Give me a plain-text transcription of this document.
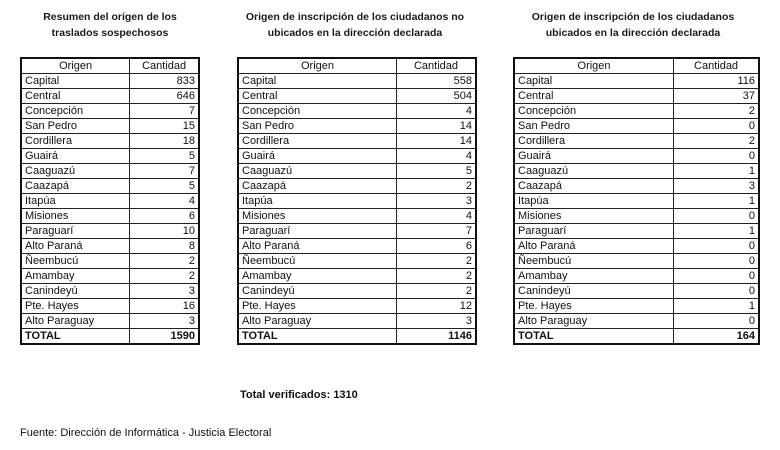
Resumen del orígen de los traslados sospechosos
Origen de inscripción de los ciudadanos no ubicados en la dirección declarada
Origen de inscripción de los ciudadanos ubicados en la dirección declarada
Origen	Cantidad
Capital	833
Central	646
Concepción	7
San Pedro	15
Cordillera	18
Guairá	5
Caaguazú	7
Caazapá	5
Itapúa	4
Misiones	6
Paraguarí	10
Alto Paraná	8
Ñeembucú	2
Amambay	2
Canindeyú	3
Pte. Hayes	16
Alto Paraguay	3
TOTAL	1590
Origen	Cantidad
Capital	558
Central	504
Concepción	4
San Pedro	14
Cordillera	14
Guairá	4
Caaguazú	5
Caazapá	2
Itapúa	3
Misiones	4
Paraguarí	7
Alto Paraná	6
Ñeembucú	2
Amambay	2
Canindeyú	2
Pte. Hayes	12
Alto Paraguay	3
TOTAL	1146
Origen	Cantidad
Capital	116
Central	37
Concepción	2
San Pedro	0
Cordillera	2
Guairá	0
Caaguazú	1
Caazapá	3
Itapúa	1
Misiones	0
Paraguarí	1
Alto Paraná	0
Ñeembucú	0
Amambay	0
Canindeyú	0
Pte. Hayes	1
Alto Paraguay	0
TOTAL	164
Total verificados: 1310
Fuente: Dirección de Informática - Justicia Electoral
